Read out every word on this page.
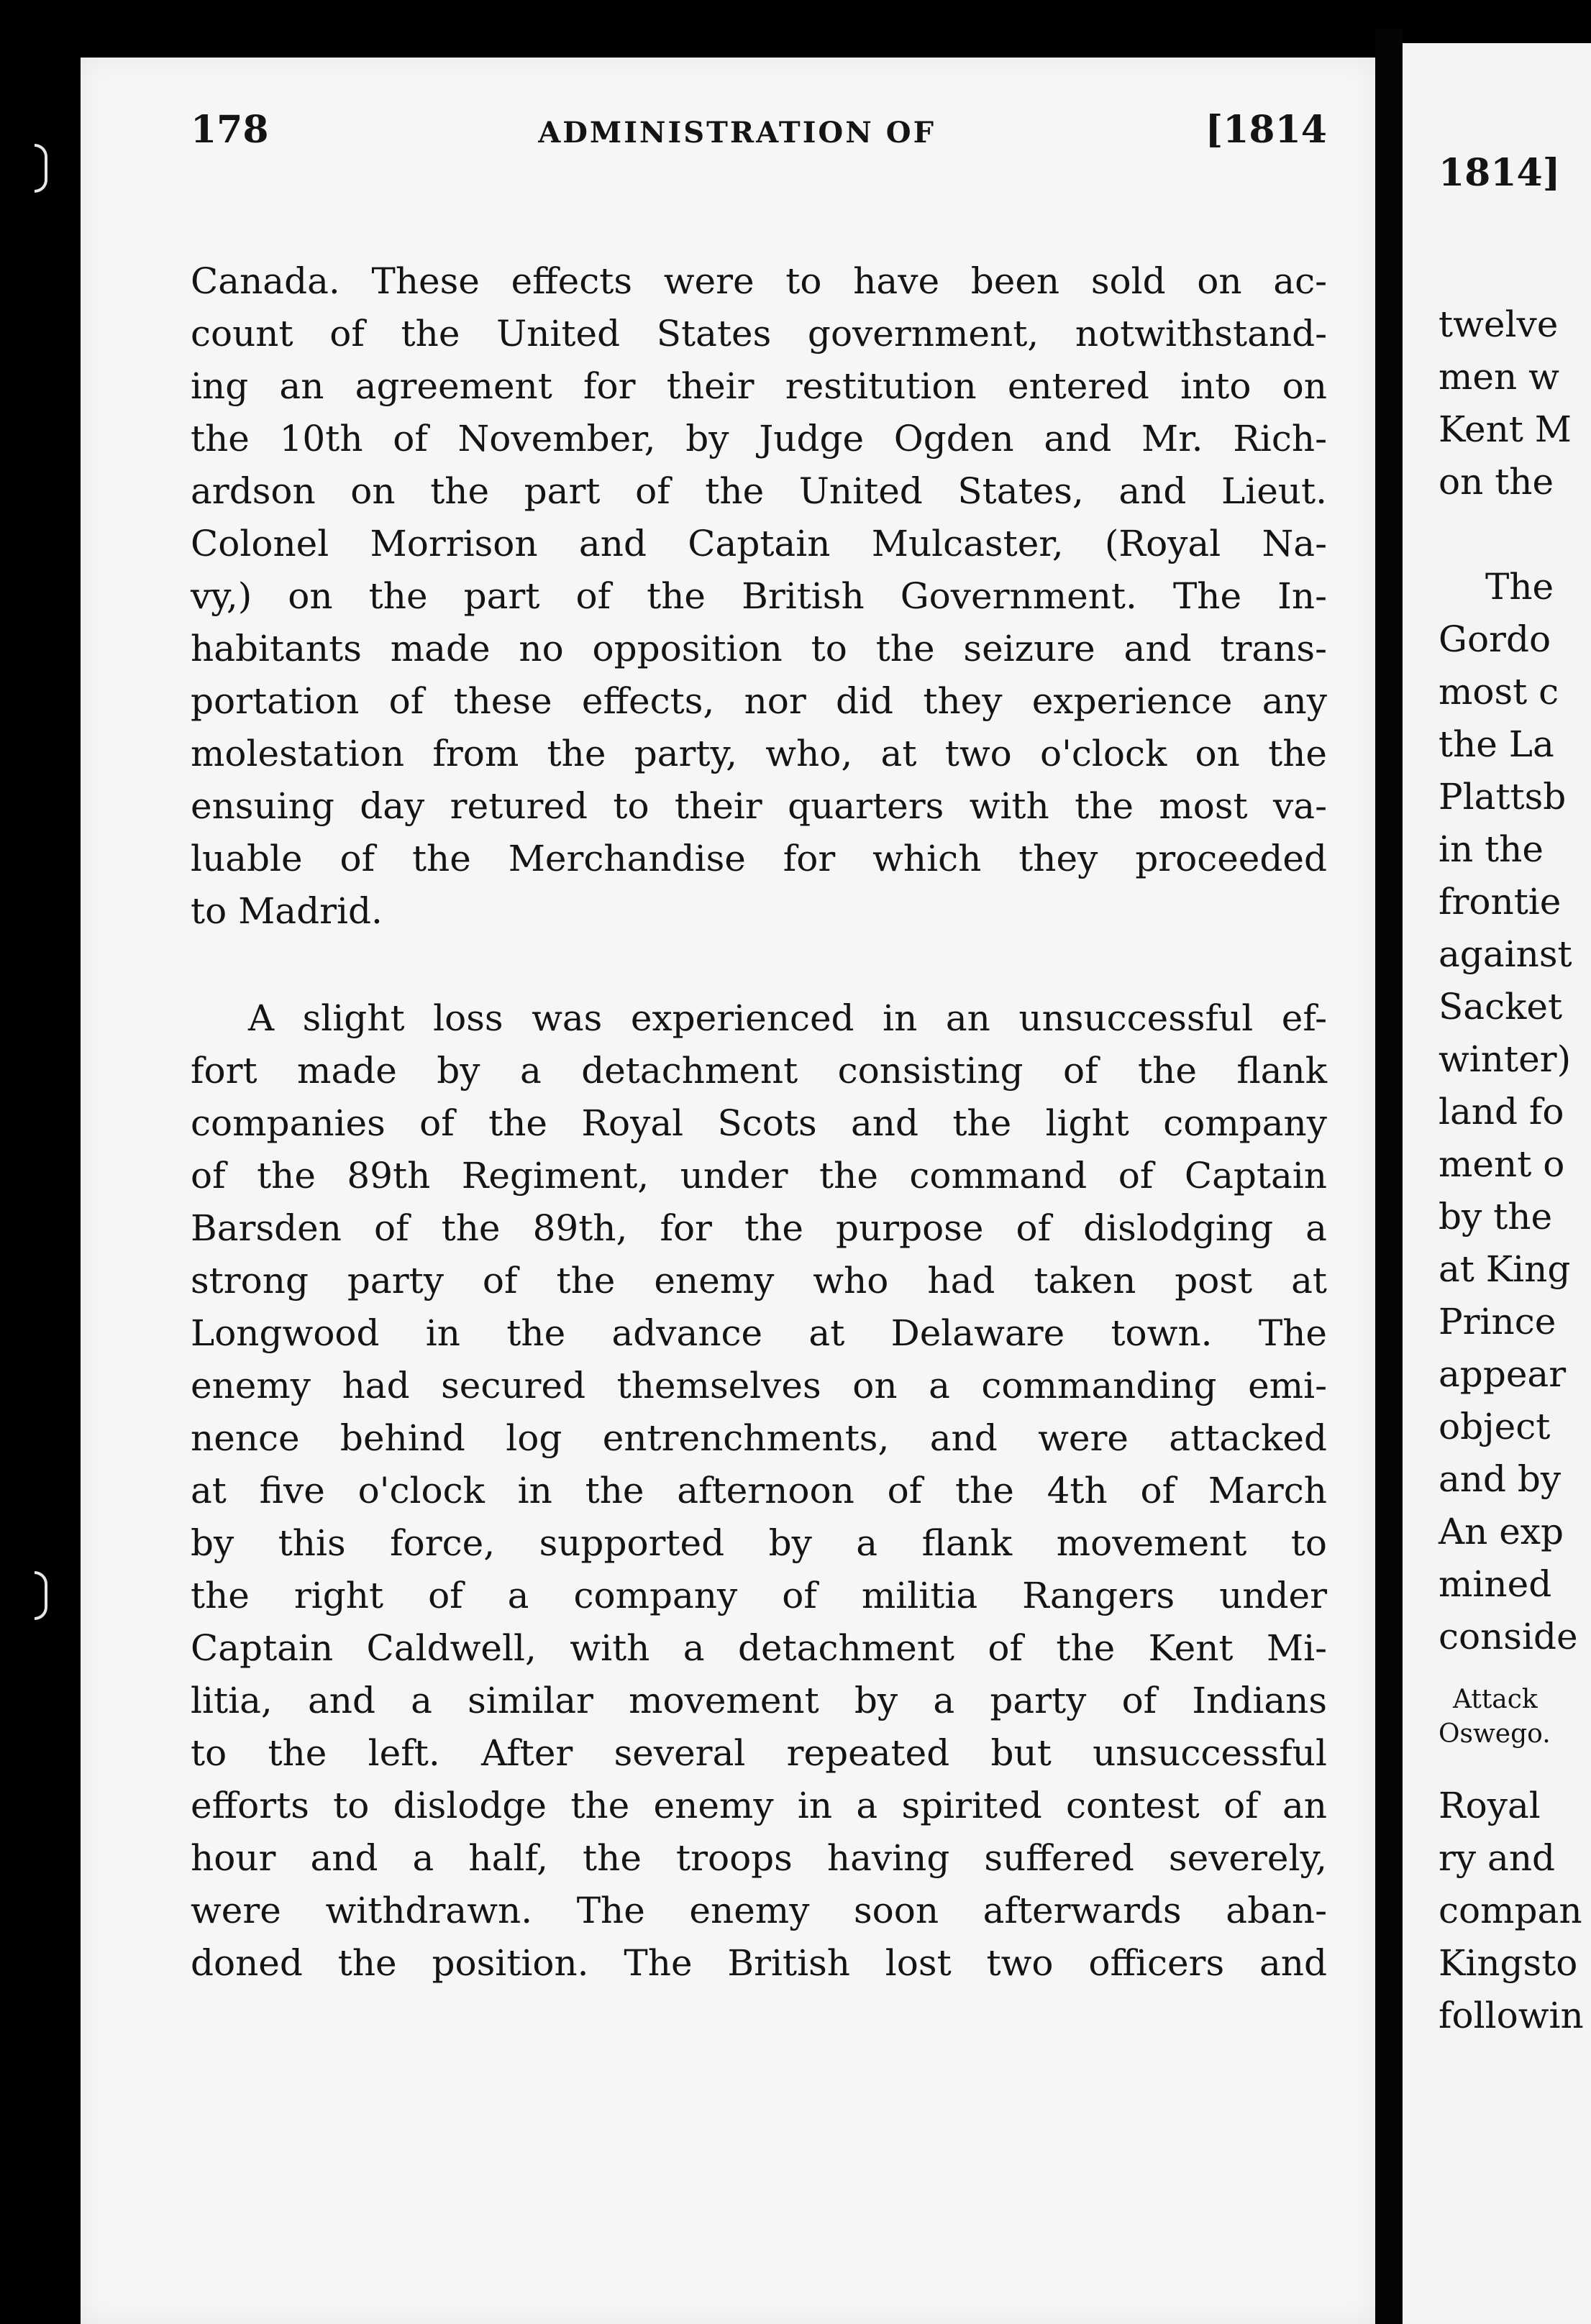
178	ADMINISTRATION OF	[1814
Canada. These effects were to have been sold on ac-
count of the United States government, notwithstand-
ing an agreement for their restitution entered into on
the 10th of November, by Judge Ogden and Mr. Rich-
ardson on the part of the United States, and Lieut.
Colonel Morrison and Captain Mulcaster, (Royal Na-
vy,) on the part of the British Government. The In-
habitants made no opposition to the seizure and trans-
portation of these effects, nor did they experience any
molestation from the party, who, at two o'clock on the
ensuing day retured to their quarters with the most va-
luable of the Merchandise for which they proceeded
to Madrid.
A slight loss was experienced in an unsuccessful ef-
fort made by a detachment consisting of the flank
companies of the Royal Scots and the light company
of the 89th Regiment, under the command of Captain
Barsden of the 89th, for the purpose of dislodging a
strong party of the enemy who had taken post at
Longwood in the advance at Delaware town. The
enemy had secured themselves on a commanding emi-
nence behind log entrenchments, and were attacked
at five o'clock in the afternoon of the 4th of March
by this force, supported by a flank movement to
the right of a company of militia Rangers under
Captain Caldwell, with a detachment of the Kent Mi-
litia, and a similar movement by a party of Indians
to the left. After several repeated but unsuccessful
efforts to dislodge the enemy in a spirited contest of an
hour and a half, the troops having suffered severely,
were withdrawn. The enemy soon afterwards aban-
doned the position. The British lost two officers and
1814]
twelve
men w
Kent M
on the
The
Gordo
most c
the La
Plattsb
in the
frontie
against
Sacket
winter)
land fo
ment o
by the
at King
Prince
appear
object
and by
An exp
mined
conside
Attack
Oswego.
Royal
ry and
compan
Kingsto
followin
